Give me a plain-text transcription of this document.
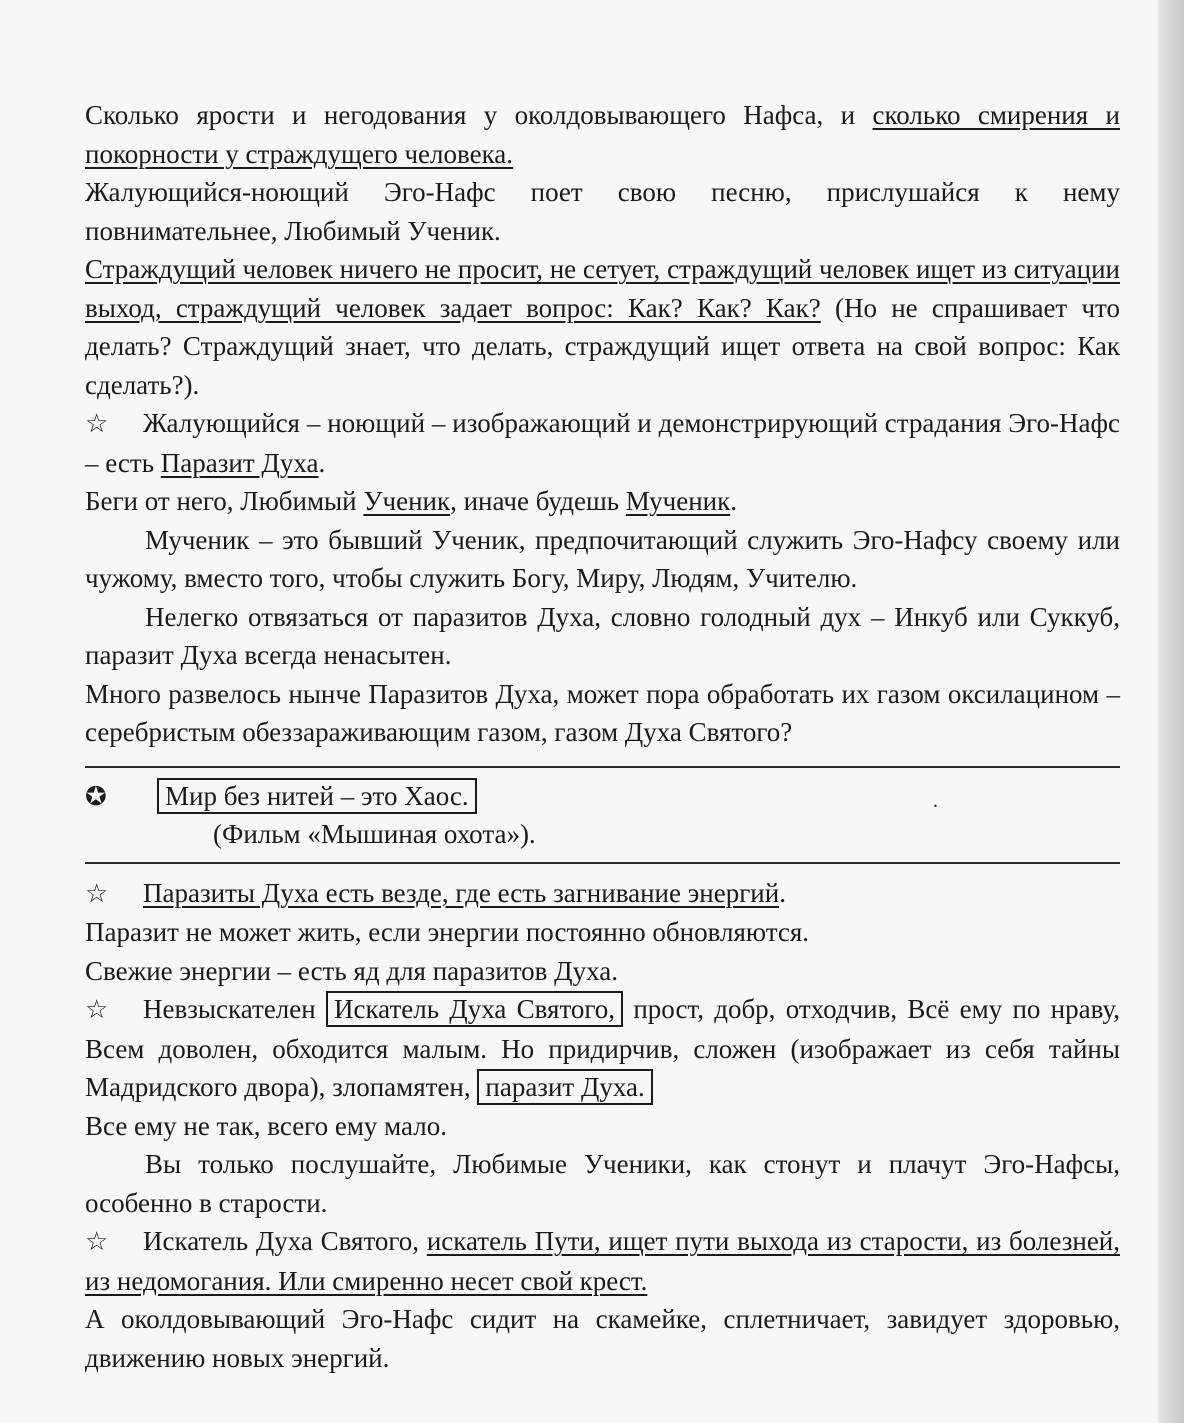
Сколько ярости и негодования у околдовывающего Нафса, и сколько смирения и покорности у страждущего человека.

Жалующийся-ноющий Эго-Нафс поет свою песню, прислушайся к нему повнимательнее, Любимый Ученик.

Страждущий человек ничего не просит, не сетует, страждущий человек ищет из ситуации выход, страждущий человек задает вопрос: Как? Как? Как? (Но не спрашивает что делать? Страждущий знает, что делать, страждущий ищет ответа на свой вопрос: Как сделать?).

☆ Жалующийся – ноющий – изображающий и демонстрирующий страдания Эго-Нафс – есть Паразит Духа.

Беги от него, Любимый Ученик, иначе будешь Мученик.

Мученик – это бывший Ученик, предпочитающий служить Эго-Нафсу своему или чужому, вместо того, чтобы служить Богу, Миру, Людям, Учителю.

Нелегко отвязаться от паразитов Духа, словно голодный дух – Инкуб или Суккуб, паразит Духа всегда ненасытен.

Много развелось нынче Паразитов Духа, может пора обработать их газом оксилацином – серебристым обеззараживающим газом, газом Духа Святого?

✪ Мир без нитей – это Хаос.
(Фильм «Мышиная охота»).
.

☆ Паразиты Духа есть везде, где есть загнивание энергий.

Паразит не может жить, если энергии постоянно обновляются.

Свежие энергии – есть яд для паразитов Духа.

☆ Невзыскателен Искатель Духа Святого, прост, добр, отходчив, Всё ему по нраву, Всем доволен, обходится малым. Но придирчив, сложен (изображает из себя тайны Мадридского двора), злопамятен, паразит Духа.

Все ему не так, всего ему мало.

Вы только послушайте, Любимые Ученики, как стонут и плачут Эго-Нафсы, особенно в старости.

☆ Искатель Духа Святого, искатель Пути, ищет пути выхода из старости, из болезней, из недомогания. Или смиренно несет свой крест.

А околдовывающий Эго-Нафс сидит на скамейке, сплетничает, завидует здоровью, движению новых энергий.
